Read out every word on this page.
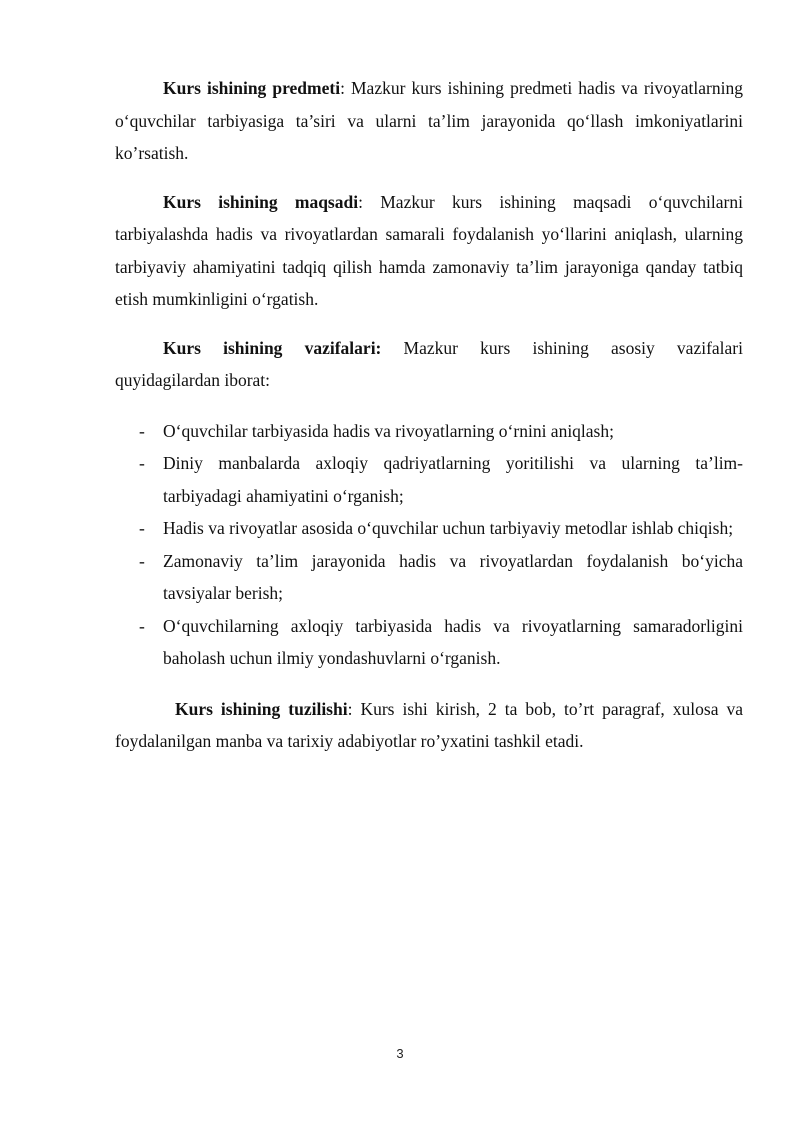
Kurs ishining predmeti: Mazkur kurs ishining predmeti hadis va rivoyatlarning o‘quvchilar tarbiyasiga ta’siri va ularni ta’lim jarayonida qo‘llash imkoniyatlarini ko’rsatish.

Kurs ishining maqsadi: Mazkur kurs ishining maqsadi o‘quvchilarni tarbiyalashda hadis va rivoyatlardan samarali foydalanish yo‘llarini aniqlash, ularning tarbiyaviy ahamiyatini tadqiq qilish hamda zamonaviy ta’lim jarayoniga qanday tatbiq etish mumkinligini o‘rgatish.

Kurs ishining vazifalari: Mazkur kurs ishining asosiy vazifalari

quyidagilardan iborat:
- O‘quvchilar tarbiyasida hadis va rivoyatlarning o‘rnini aniqlash;
- Diniy manbalarda axloqiy qadriyatlarning yoritilishi va ularning ta’lim-tarbiyadagi ahamiyatini o‘rganish;
- Hadis va rivoyatlar asosida o‘quvchilar uchun tarbiyaviy metodlar ishlab chiqish;
- Zamonaviy ta’lim jarayonida hadis va rivoyatlardan foydalanish bo‘yicha tavsiyalar berish;
- O‘quvchilarning axloqiy tarbiyasida hadis va rivoyatlarning samaradorligini baholash uchun ilmiy yondashuvlarni o‘rganish.

Kurs ishining tuzilishi: Kurs ishi kirish, 2 ta bob, to’rt paragraf, xulosa va foydalanilgan manba va tarixiy adabiyotlar ro’yxatini tashkil etadi.

3
